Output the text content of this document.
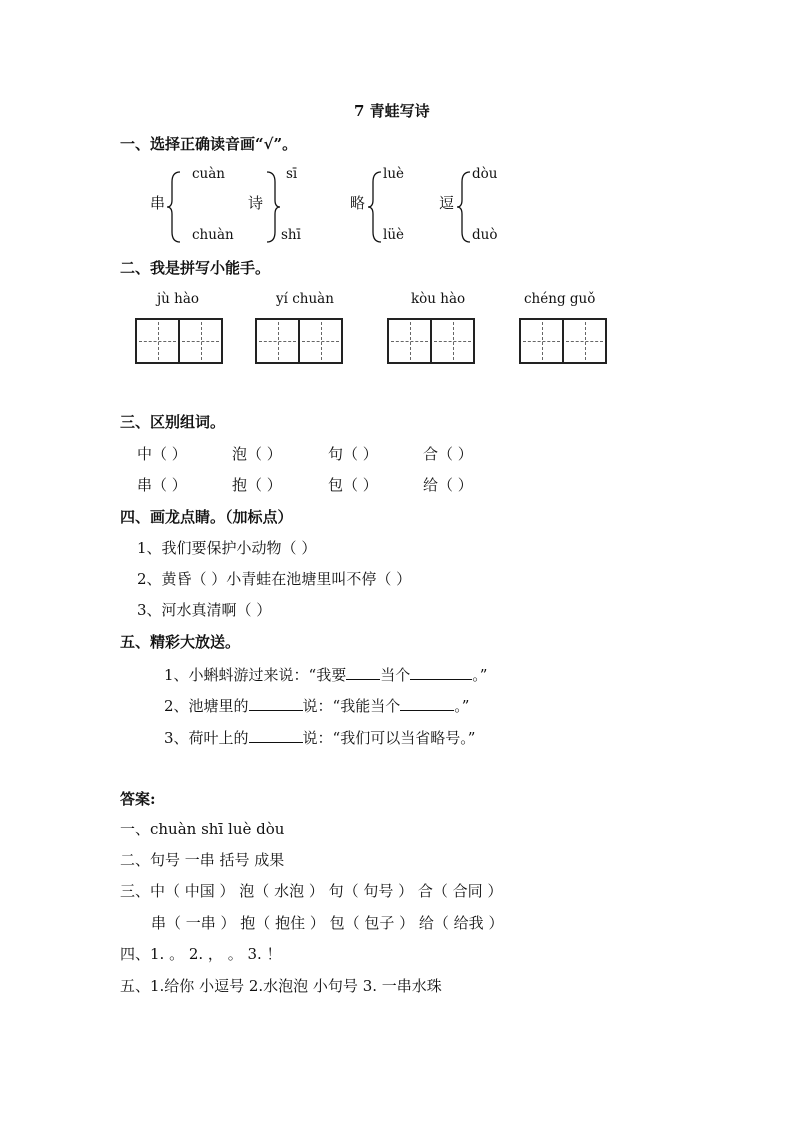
7 青蛙写诗
一、选择正确读音画“√”。
串
cuàn
chuàn
诗
sī
shī
略
luè
lüè
逗
dòu
duò
二、我是拼写小能手。
jù hào	yí chuàn	kòu hào	chéng guǒ
三、区别组词。
中（ ）	泡（ ）	句（ ）	合（ ）
串（ ）	抱（ ）	包（ ）	给（ ）
四、画龙点睛。（加标点）
1、我们要保护小动物（ ）
2、黄昏（ ）小青蛙在池塘里叫不停（ ）
3、河水真清啊（ ）
五、精彩大放送。
1、小蝌蚪游过来说：“我要 当个	。”
2、池塘里的	说：“我能当个	。”
3、荷叶上的	说：“我们可以当省略号。”
答案:
一、chuàn shī luè dòu
二、句号 一串 括号 成果
三、中（ 中国 ） 泡（ 水泡 ） 句（ 句号 ） 合（ 合同 ）
串（ 一串 ） 抱（ 抱住 ） 包（ 包子 ） 给（ 给我 ）
四、1. 。 2. ， 。 3. ！
五、1.给你 小逗号 2.水泡泡 小句号 3. 一串水珠
